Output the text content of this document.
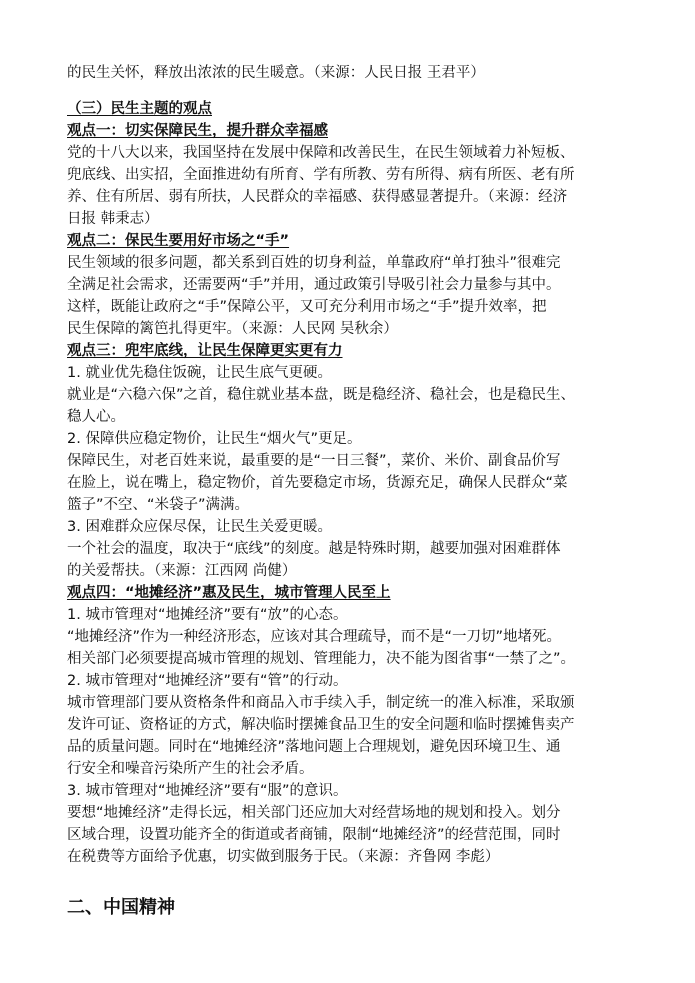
的民生关怀，释放出浓浓的民生暖意。（来源：人民日报 王君平）

（三）民生主题的观点

观点一：切实保障民生，提升群众幸福感

党的十八大以来，我国坚持在发展中保障和改善民生，在民生领域着力补短板、

兜底线、出实招，全面推进幼有所育、学有所教、劳有所得、病有所医、老有所

养、住有所居、弱有所扶，人民群众的幸福感、获得感显著提升。（来源：经济

日报 韩秉志）

观点二：保民生要用好市场之“手”

民生领域的很多问题，都关系到百姓的切身利益，单靠政府“单打独斗”很难完

全满足社会需求，还需要两“手”并用，通过政策引导吸引社会力量参与其中。

这样，既能让政府之“手”保障公平，又可充分利用市场之“手”提升效率，把

民生保障的篱笆扎得更牢。（来源：人民网 吴秋余）

观点三：兜牢底线，让民生保障更实更有力

1. 就业优先稳住饭碗，让民生底气更硬。

就业是“六稳六保”之首，稳住就业基本盘，既是稳经济、稳社会，也是稳民生、

稳人心。

2. 保障供应稳定物价，让民生“烟火气”更足。

保障民生，对老百姓来说，最重要的是“一日三餐”，菜价、米价、副食品价写

在脸上，说在嘴上，稳定物价，首先要稳定市场，货源充足，确保人民群众“菜

篮子”不空、“米袋子”满满。

3. 困难群众应保尽保，让民生关爱更暖。

一个社会的温度，取决于“底线”的刻度。越是特殊时期，越要加强对困难群体

的关爱帮扶。（来源：江西网 尚健）

观点四：“地摊经济”惠及民生，城市管理人民至上

1. 城市管理对“地摊经济”要有“放”的心态。

“地摊经济”作为一种经济形态，应该对其合理疏导，而不是“一刀切”地堵死。

相关部门必须要提高城市管理的规划、管理能力，决不能为图省事“一禁了之”。

2. 城市管理对“地摊经济”要有“管”的行动。

城市管理部门要从资格条件和商品入市手续入手，制定统一的准入标准，采取颁

发许可证、资格证的方式，解决临时摆摊食品卫生的安全问题和临时摆摊售卖产

品的质量问题。同时在“地摊经济”落地问题上合理规划，避免因环境卫生、通

行安全和噪音污染所产生的社会矛盾。

3. 城市管理对“地摊经济”要有“服”的意识。

要想“地摊经济”走得长远，相关部门还应加大对经营场地的规划和投入。划分

区域合理，设置功能齐全的街道或者商铺，限制“地摊经济”的经营范围，同时

在税费等方面给予优惠，切实做到服务于民。（来源：齐鲁网 李彪）

二、中国精神
